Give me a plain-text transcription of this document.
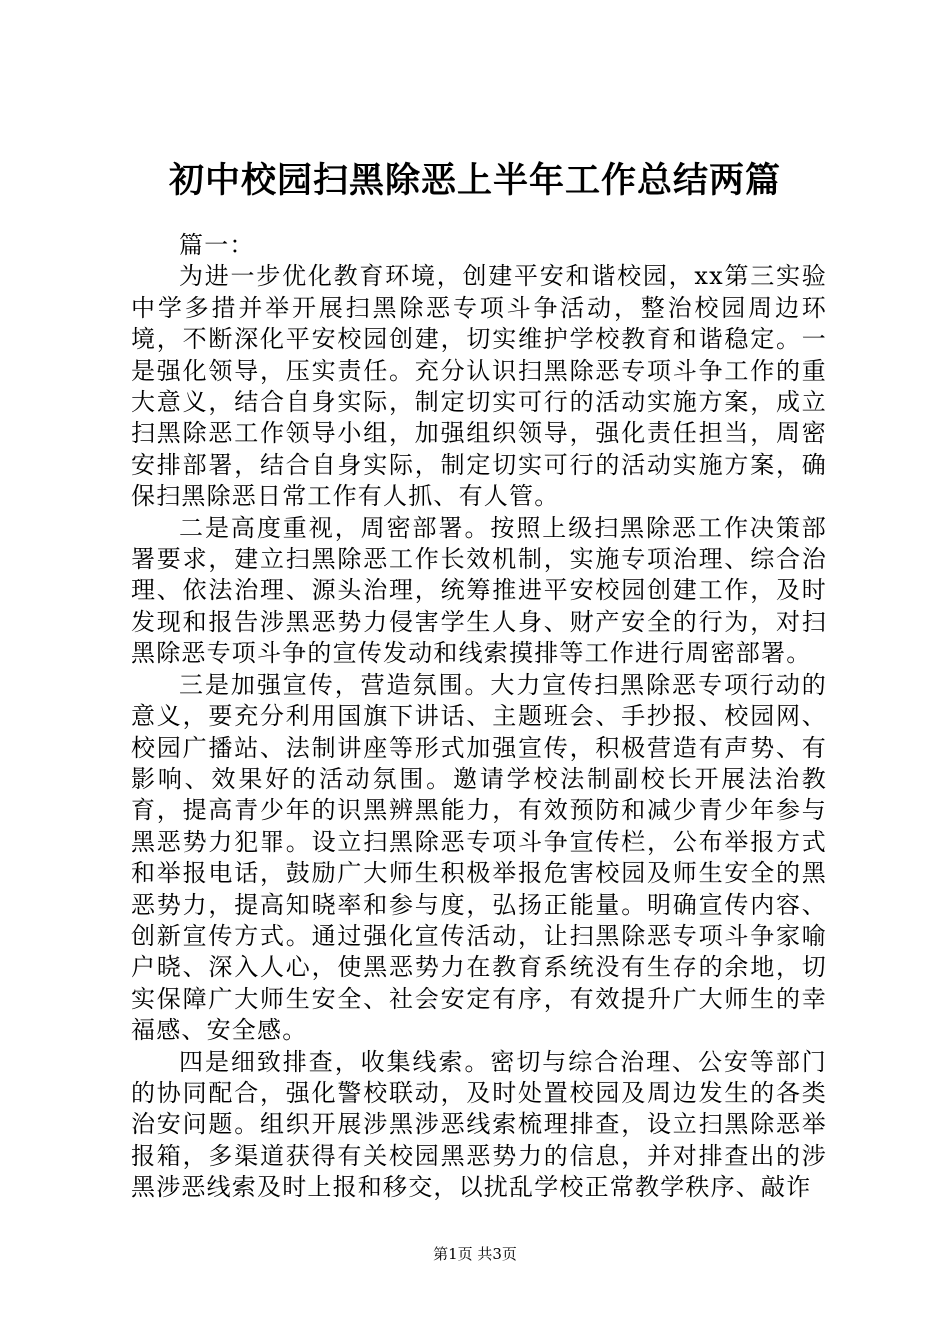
初中校园扫黑除恶上半年工作总结两篇

篇一：

为进一步优化教育环境，创建平安和谐校园，xx第三实验中学多措并举开展扫黑除恶专项斗争活动，整治校园周边环境，不断深化平安校园创建，切实维护学校教育和谐稳定。一是强化领导，压实责任。充分认识扫黑除恶专项斗争工作的重大意义，结合自身实际，制定切实可行的活动实施方案，成立扫黑除恶工作领导小组，加强组织领导，强化责任担当，周密安排部署，结合自身实际，制定切实可行的活动实施方案，确保扫黑除恶日常工作有人抓、有人管。

二是高度重视，周密部署。按照上级扫黑除恶工作决策部署要求，建立扫黑除恶工作长效机制，实施专项治理、综合治理、依法治理、源头治理，统筹推进平安校园创建工作，及时发现和报告涉黑恶势力侵害学生人身、财产安全的行为，对扫黑除恶专项斗争的宣传发动和线索摸排等工作进行周密部署。

三是加强宣传，营造氛围。大力宣传扫黑除恶专项行动的意义，要充分利用国旗下讲话、主题班会、手抄报、校园网、校园广播站、法制讲座等形式加强宣传，积极营造有声势、有影响、效果好的活动氛围。邀请学校法制副校长开展法治教育，提高青少年的识黑辨黑能力，有效预防和减少青少年参与黑恶势力犯罪。设立扫黑除恶专项斗争宣传栏，公布举报方式和举报电话，鼓励广大师生积极举报危害校园及师生安全的黑恶势力，提高知晓率和参与度，弘扬正能量。明确宣传内容、创新宣传方式。通过强化宣传活动，让扫黑除恶专项斗争家喻户晓、深入人心，使黑恶势力在教育系统没有生存的余地，切实保障广大师生安全、社会安定有序，有效提升广大师生的幸福感、安全感。

四是细致排查，收集线索。密切与综合治理、公安等部门的协同配合，强化警校联动，及时处置校园及周边发生的各类治安问题。组织开展涉黑涉恶线索梳理排查，设立扫黑除恶举报箱，多渠道获得有关校园黑恶势力的信息，并对排查出的涉黑涉恶线索及时上报和移交，以扰乱学校正常教学秩序、敲诈

第1页 共3页
